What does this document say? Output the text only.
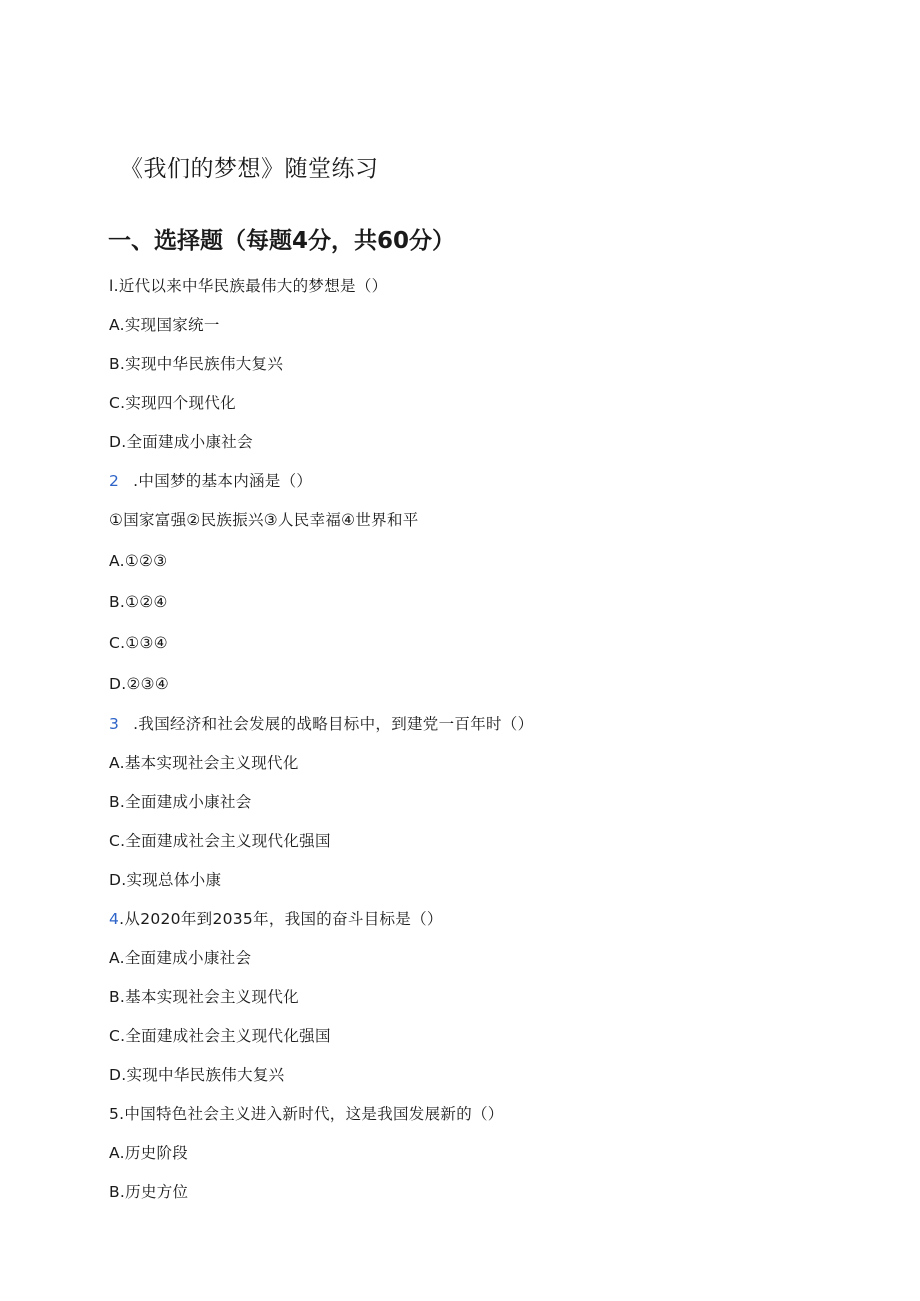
《我们的梦想》随堂练习
一、选择题（每题4分，共60分）
l.近代以来中华民族最伟大的梦想是（）
A.实现国家统一
B.实现中华民族伟大复兴
C.实现四个现代化
D.全面建成小康社会
2 .中国梦的基本内涵是（）
①国家富强②民族振兴③人民幸福④世界和平
A.①②③
B.①②④
C.①③④
D.②③④
3 .我国经济和社会发展的战略目标中，到建党一百年时（）
A.基本实现社会主义现代化
B.全面建成小康社会
C.全面建成社会主义现代化强国
D.实现总体小康
4.从2020年到2035年，我国的奋斗目标是（）
A.全面建成小康社会
B.基本实现社会主义现代化
C.全面建成社会主义现代化强国
D.实现中华民族伟大复兴
5.中国特色社会主义进入新时代，这是我国发展新的（）
A.历史阶段
B.历史方位
